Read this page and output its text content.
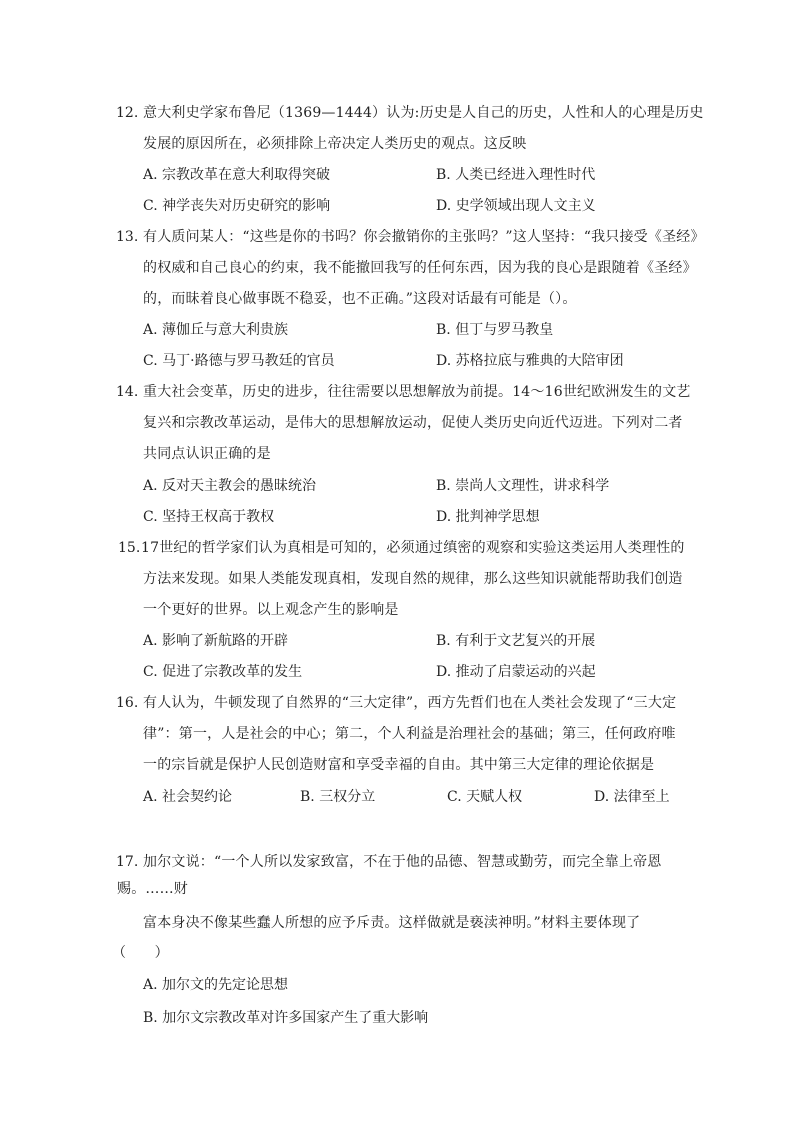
12. 意大利史学家布鲁尼（1369—1444）认为:历史是人自己的历史，人性和人的心理是历史
发展的原因所在，必须排除上帝决定人类历史的观点。这反映
A. 宗教改革在意大利取得突破	B. 人类已经进入理性时代
C. 神学丧失对历史研究的影响	D. 史学领域出现人文主义
13. 有人质问某人：“这些是你的书吗？你会撤销你的主张吗？”这人坚持：“我只接受《圣经》
的权威和自己良心的约束，我不能撤回我写的任何东西，因为我的良心是跟随着《圣经》
的，而昧着良心做事既不稳妥，也不正确。”这段对话最有可能是（）。
A. 薄伽丘与意大利贵族	B. 但丁与罗马教皇
C. 马丁·路德与罗马教廷的官员	D. 苏格拉底与雅典的大陪审团
14. 重大社会变革，历史的进步，往往需要以思想解放为前提。14～16世纪欧洲发生的文艺
复兴和宗教改革运动，是伟大的思想解放运动，促使人类历史向近代迈进。下列对二者
共同点认识正确的是
A. 反对天主教会的愚昧统治	B. 崇尚人文理性，讲求科学
C. 坚持王权高于教权	D. 批判神学思想
15. 17世纪的哲学家们认为真相是可知的，必须通过缜密的观察和实验这类运用人类理性的
方法来发现。如果人类能发现真相，发现自然的规律，那么这些知识就能帮助我们创造
一个更好的世界。以上观念产生的影响是
A. 影响了新航路的开辟	B. 有利于文艺复兴的开展
C. 促进了宗教改革的发生	D. 推动了启蒙运动的兴起
16. 有人认为，牛顿发现了自然界的“三大定律”，西方先哲们也在人类社会发现了“三大定
律”：第一，人是社会的中心；第二，个人利益是治理社会的基础；第三，任何政府唯
一的宗旨就是保护人民创造财富和享受幸福的自由。其中第三大定律的理论依据是
A. 社会契约论	B. 三权分立	C. 天赋人权	D. 法律至上
17. 加尔文说：“一个人所以发家致富，不在于他的品德、智慧或勤劳，而完全靠上帝恩
赐。……财
富本身决不像某些蠢人所想的应予斥责。这样做就是亵渎神明。”材料主要体现了
（　　）
A. 加尔文的先定论思想
B. 加尔文宗教改革对许多国家产生了重大影响
